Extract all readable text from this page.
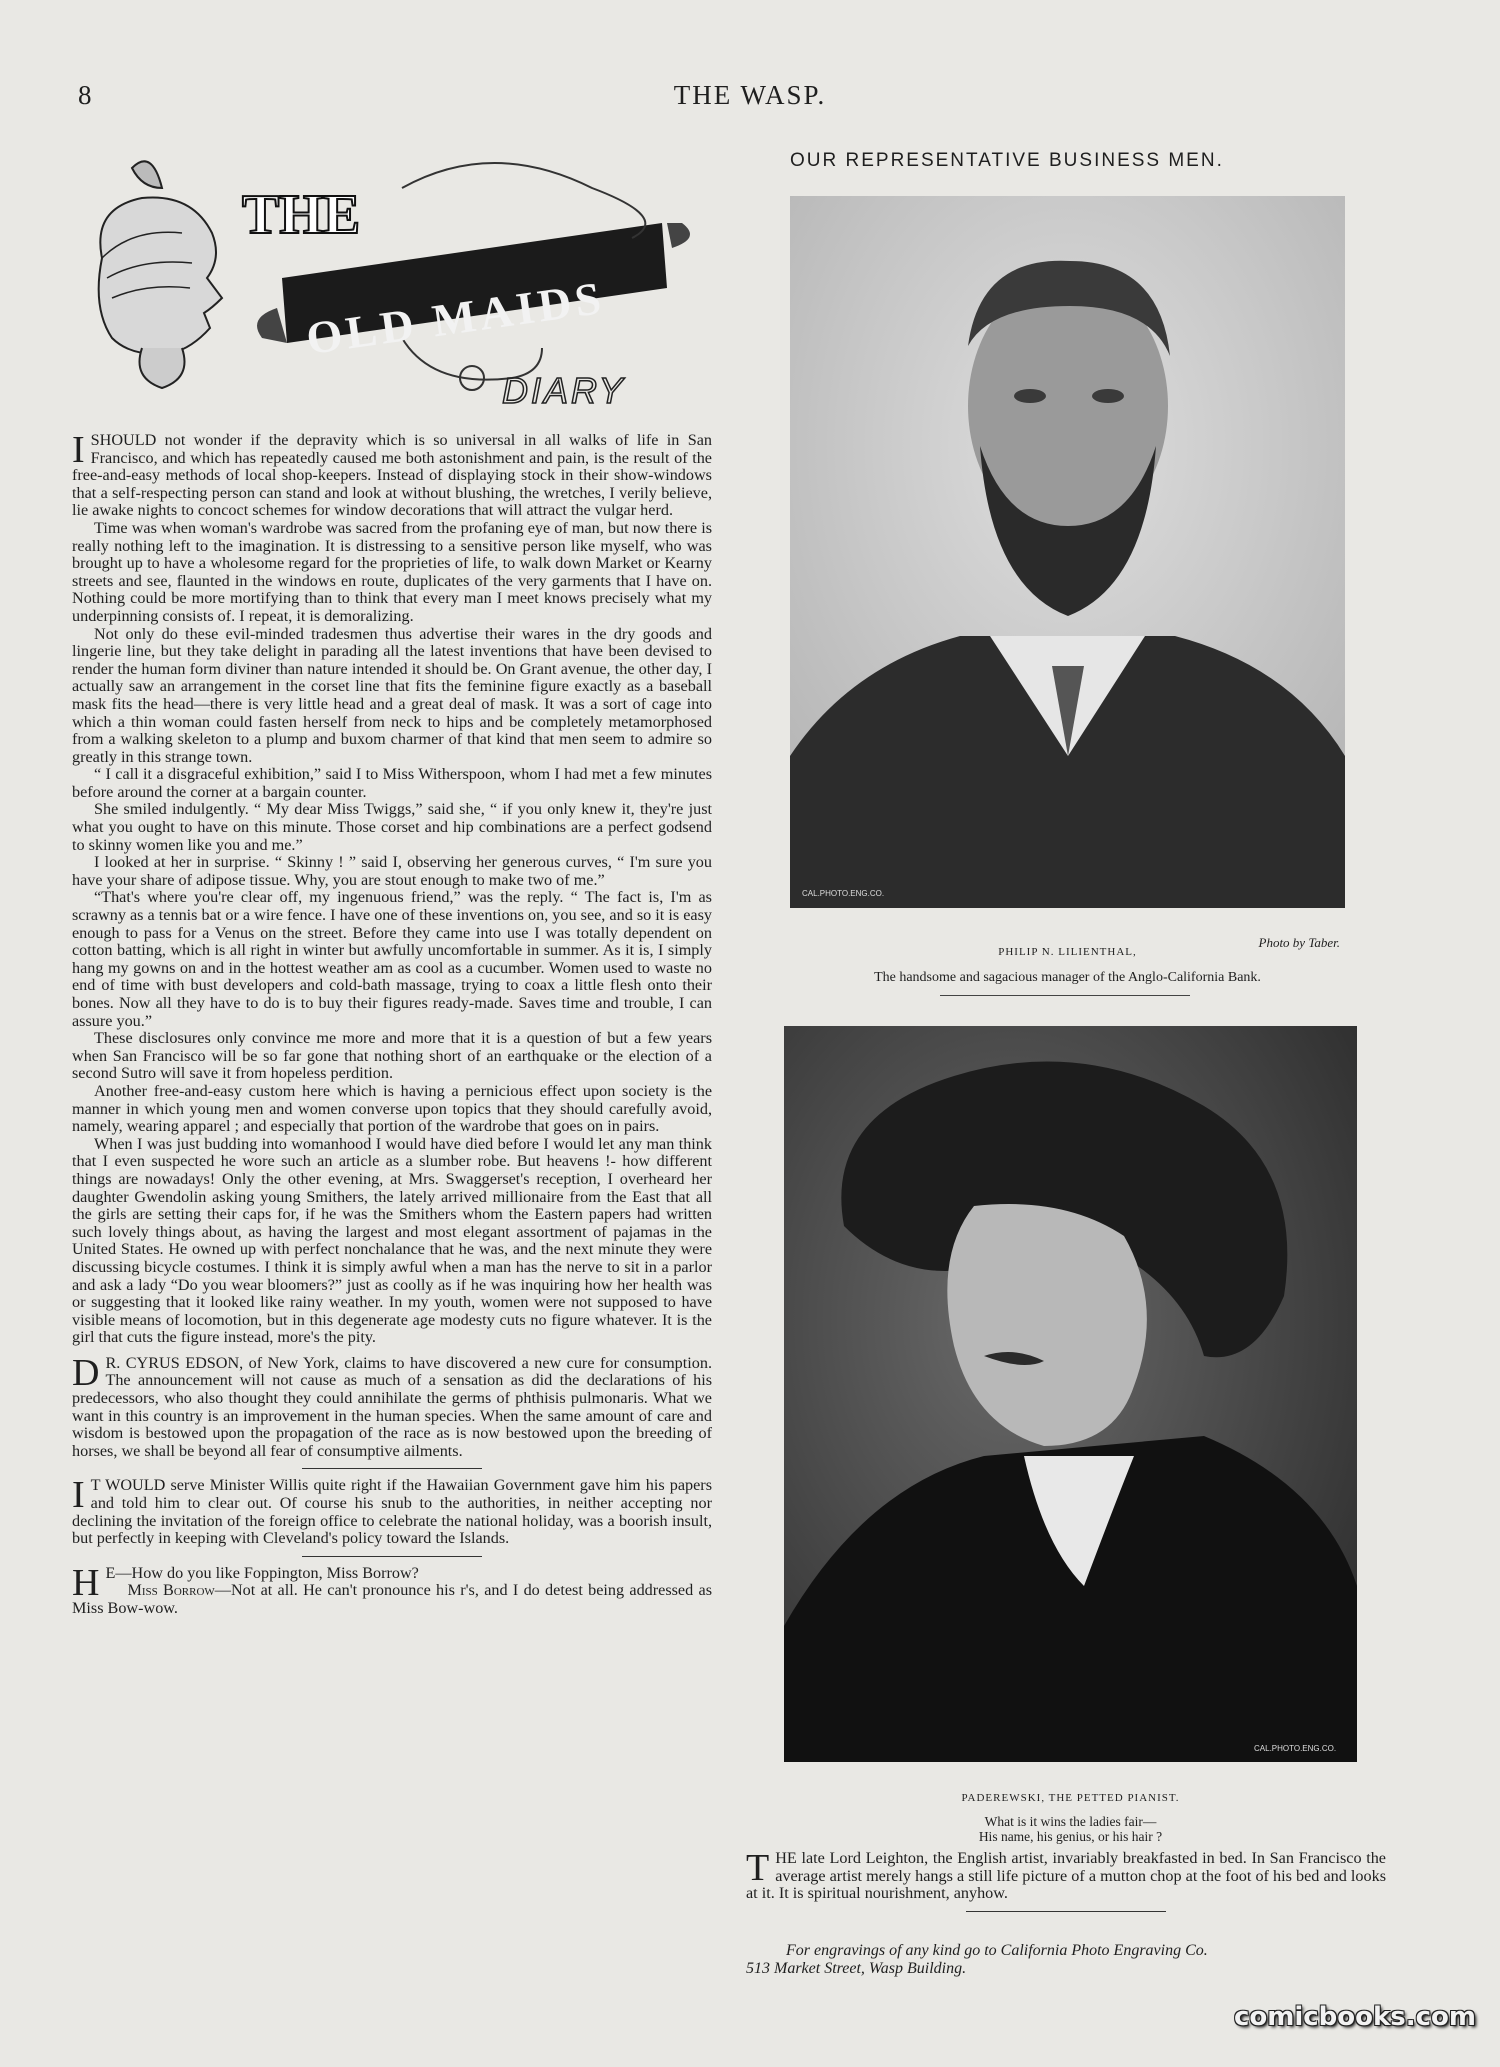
8	THE WASP.
OUR REPRESENTATIVE BUSINESS MEN.
THE
OLD MAIDS
DIARY

ISHOULD not wonder if the depravity which is so universal in all walks of life in San Francisco, and which has repeatedly caused me both astonishment and pain, is the result of the free-and-easy methods of local shop-keepers. Instead of displaying stock in their show-windows that a self-respecting person can stand and look at without blushing, the wretches, I verily believe, lie awake nights to concoct schemes for window decorations that will attract the vulgar herd.

Time was when woman's wardrobe was sacred from the profaning eye of man, but now there is really nothing left to the imagination. It is distressing to a sensitive person like myself, who was brought up to have a wholesome regard for the proprieties of life, to walk down Market or Kearny streets and see, flaunted in the windows en route, duplicates of the very garments that I have on. Nothing could be more mortifying than to think that every man I meet knows precisely what my underpinning consists of. I repeat, it is demoralizing.

Not only do these evil-minded tradesmen thus advertise their wares in the dry goods and lingerie line, but they take delight in parading all the latest inventions that have been devised to render the human form diviner than nature intended it should be. On Grant avenue, the other day, I actually saw an arrangement in the corset line that fits the feminine figure exactly as a baseball mask fits the head—there is very little head and a great deal of mask. It was a sort of cage into which a thin woman could fasten herself from neck to hips and be completely metamorphosed from a walking skeleton to a plump and buxom charmer of that kind that men seem to admire so greatly in this strange town.

“ I call it a disgraceful exhibition,” said I to Miss Witherspoon, whom I had met a few minutes before around the corner at a bargain counter.

She smiled indulgently. “ My dear Miss Twiggs,” said she, “ if you only knew it, they're just what you ought to have on this minute. Those corset and hip combinations are a perfect godsend to skinny women like you and me.”

I looked at her in surprise. “ Skinny ! ” said I, observing her generous curves, “ I'm sure you have your share of adipose tissue. Why, you are stout enough to make two of me.”

“That's where you're clear off, my ingenuous friend,” was the reply. “ The fact is, I'm as scrawny as a tennis bat or a wire fence. I have one of these inventions on, you see, and so it is easy enough to pass for a Venus on the street. Before they came into use I was totally dependent on cotton batting, which is all right in winter but awfully uncomfortable in summer. As it is, I simply hang my gowns on and in the hottest weather am as cool as a cucumber. Women used to waste no end of time with bust developers and cold-bath massage, trying to coax a little flesh onto their bones. Now all they have to do is to buy their figures ready-made. Saves time and trouble, I can assure you.”

These disclosures only convince me more and more that it is a question of but a few years when San Francisco will be so far gone that nothing short of an earthquake or the election of a second Sutro will save it from hopeless perdition.

Another free-and-easy custom here which is having a pernicious effect upon society is the manner in which young men and women converse upon topics that they should carefully avoid, namely, wearing apparel ; and especially that portion of the wardrobe that goes on in pairs.

When I was just budding into womanhood I would have died before I would let any man think that I even suspected he wore such an article as a slumber robe. But heavens !- how different things are nowadays! Only the other evening, at Mrs. Swaggerset's reception, I overheard her daughter Gwendolin asking young Smithers, the lately arrived millionaire from the East that all the girls are setting their caps for, if he was the Smithers whom the Eastern papers had written such lovely things about, as having the largest and most elegant assortment of pajamas in the United States. He owned up with perfect nonchalance that he was, and the next minute they were discussing bicycle costumes. I think it is simply awful when a man has the nerve to sit in a parlor and ask a lady “Do you wear bloomers?” just as coolly as if he was inquiring how her health was or suggesting that it looked like rainy weather. In my youth, women were not supposed to have visible means of locomotion, but in this degenerate age modesty cuts no figure whatever. It is the girl that cuts the figure instead, more's the pity.

D R. CYRUS EDSON, of New York, claims to have discovered a new cure for consumption. The announcement will not cause as much of a sensation as did the declarations of his predecessors, who also thought they could annihilate the germs of phthisis pulmonaris. What we want in this country is an improvement in the human species. When the same amount of care and wisdom is bestowed upon the propagation of the race as is now bestowed upon the breeding of horses, we shall be beyond all fear of consumptive ailments.

I T WOULD serve Minister Willis quite right if the Hawaiian Government gave him his papers and told him to clear out. Of course his snub to the authorities, in neither accepting nor declining the invitation of the foreign office to celebrate the national holiday, was a boorish insult, but perfectly in keeping with Cleveland's policy toward the Islands.

H E—How do you like Foppington, Miss Borrow?

Miss Borrow—Not at all. He can't pronounce his r's, and I do detest being addressed as Miss Bow-wow.

CAL.PHOTO.ENG.CO.
Photo by Taber.
PHILIP N. LILIENTHAL,
The handsome and sagacious manager of the Anglo-California Bank.
CAL.PHOTO.ENG.CO.
PADEREWSKI, THE PETTED PIANIST.
What is it wins the ladies fair—
His name, his genius, or his hair ?

THE late Lord Leighton, the English artist, invariably breakfasted in bed. In San Francisco the average artist merely hangs a still life picture of a mutton chop at the foot of his bed and looks at it. It is spiritual nourishment, anyhow.

For engravings of any kind go to California Photo Engraving Co.
513 Market Street, Wasp Building.
comicbooks.com
